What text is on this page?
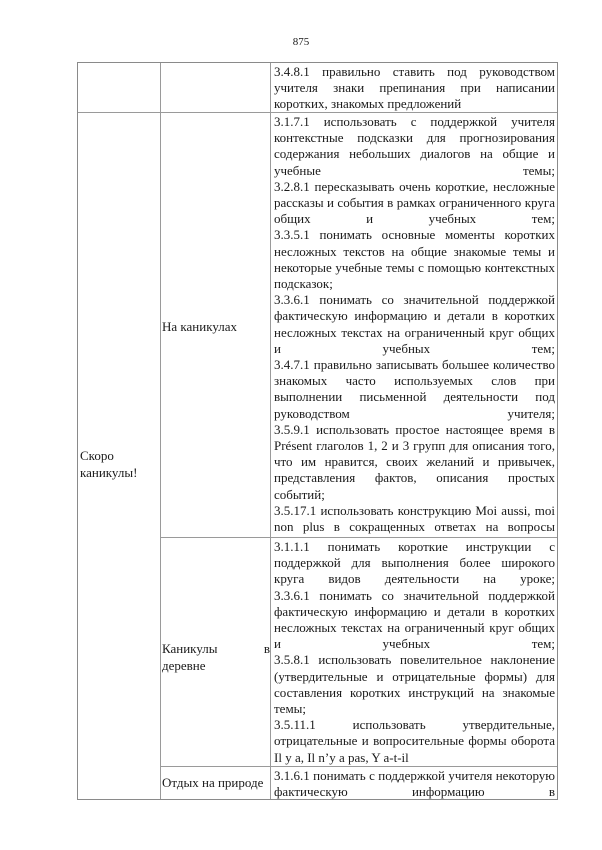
875

3.4.8.1 правильно ставить под руководством учителя знаки препинания при написании коротких, знакомых предложений

Скоро каникулы!
На каникулах

3.1.7.1 использовать с поддержкой учителя контекстные подсказки для прогнозирования содержания небольших диалогов на общие и учебные темы;

3.2.8.1 пересказывать очень короткие, несложные рассказы и события в рамках ограниченного круга общих и учебных тем;

3.3.5.1 понимать основные моменты коротких несложных текстов на общие знакомые темы и некоторые учебные темы с помощью контекстных подсказок;

3.3.6.1 понимать со значительной поддержкой фактическую информацию и детали в коротких несложных текстах на ограниченный круг общих и учебных тем;

3.4.7.1 правильно записывать большее количество знакомых часто используемых слов при выполнении письменной деятельности под руководством учителя;

3.5.9.1 использовать простое настоящее время в Présent глаголов 1, 2 и 3 групп для описания того, что им нравится, своих желаний и привычек, представления фактов, описания простых событий;

3.5.17.1 использовать конструкцию Moi aussi, moi non plus в сокращенных ответах на вопросы

Каникулы в деревне

3.1.1.1 понимать короткие инструкции с поддержкой для выполнения более широкого круга видов деятельности на уроке;

3.3.6.1 понимать со значительной поддержкой фактическую информацию и детали в коротких несложных текстах на ограниченный круг общих и учебных тем;

3.5.8.1 использовать повелительное наклонение (утвердительные и отрицательные формы) для составления коротких инструкций на знакомые темы;

3.5.11.1 использовать утвердительные, отрицательные и вопросительные формы оборота Il y a, Il n’y a pas, Y a-t-il

Отдых на природе 3.1.6.1 понимать с поддержкой учителя некоторую фактическую информацию в
